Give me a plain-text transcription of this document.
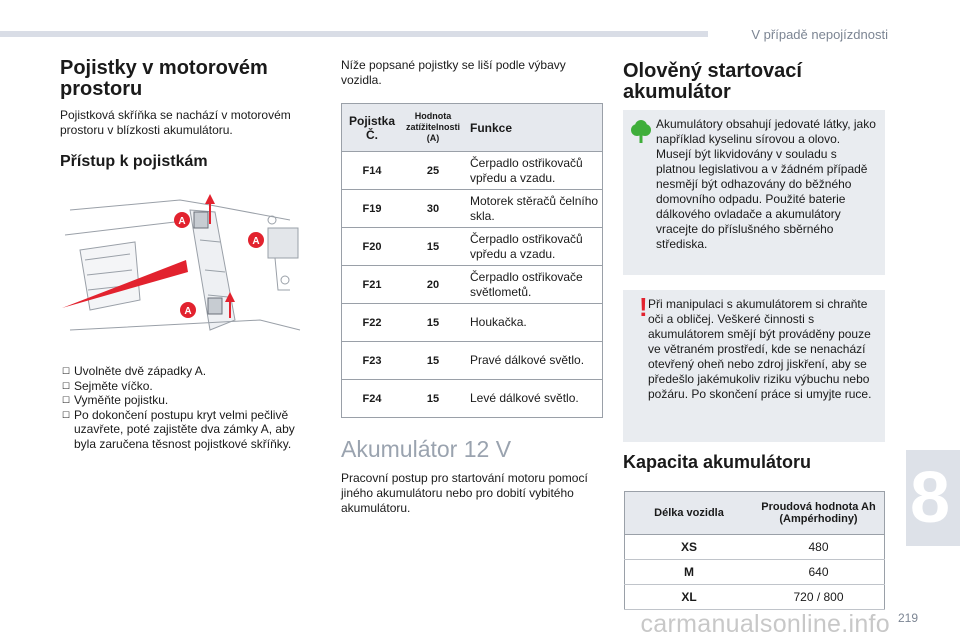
V případě nepojízdnosti
8
carmanualsonline.info 219
Pojistky v motorovém prostoru

Pojistková skříňka se nachází v motorovém prostoru v blízkosti akumulátoru.

Přístup k pojistkám
A
A
A
☐ Uvolněte dvě západky A.
☐ Sejměte víčko.
☐ Vyměňte pojistku.
☐ Po dokončení postupu kryt velmi pečlivě uzavřete, poté zajistěte dva zámky A, aby byla zaručena těsnost pojistkové skříňky.

Níže popsané pojistky se liší podle výbavy vozidla.

Pojistka Č.	Hodnota zatížitelnosti (A)	Funkce
F14	25	Čerpadlo ostřikovačů vpředu a vzadu.
F19	30	Motorek stěračů čelního skla.
F20	15	Čerpadlo ostřikovačů vpředu a vzadu.
F21	20	Čerpadlo ostřikovače světlometů.
F22	15	Houkačka.
F23	15	Pravé dálkové světlo.
F24	15	Levé dálkové světlo.
Akumulátor 12 V

Pracovní postup pro startování motoru pomocí jiného akumulátoru nebo pro dobití vybitého akumulátoru.

Olověný startovací akumulátor

Akumulátory obsahují jedovaté látky, jako například kyselinu sírovou a olovo. Musejí být likvidovány v souladu s platnou legislativou a v žádném případě nesmějí být odhazovány do běžného domovního odpadu. Použité baterie dálkového ovladače a akumulátory vracejte do příslušného sběrného střediska.

! Při manipulaci s akumulátorem si chraňte oči a obličej. Veškeré činnosti s akumulátorem smějí být prováděny pouze ve větraném prostředí, kde se nenachází otevřený oheň nebo zdroj jiskření, aby se předešlo jakémukoliv riziku výbuchu nebo požáru. Po skončení práce si umyjte ruce.

Kapacita akumulátoru
Délka vozidla	Proudová hodnota Ah (Ampérhodiny)
XS	480
M	640
XL	720 / 800
